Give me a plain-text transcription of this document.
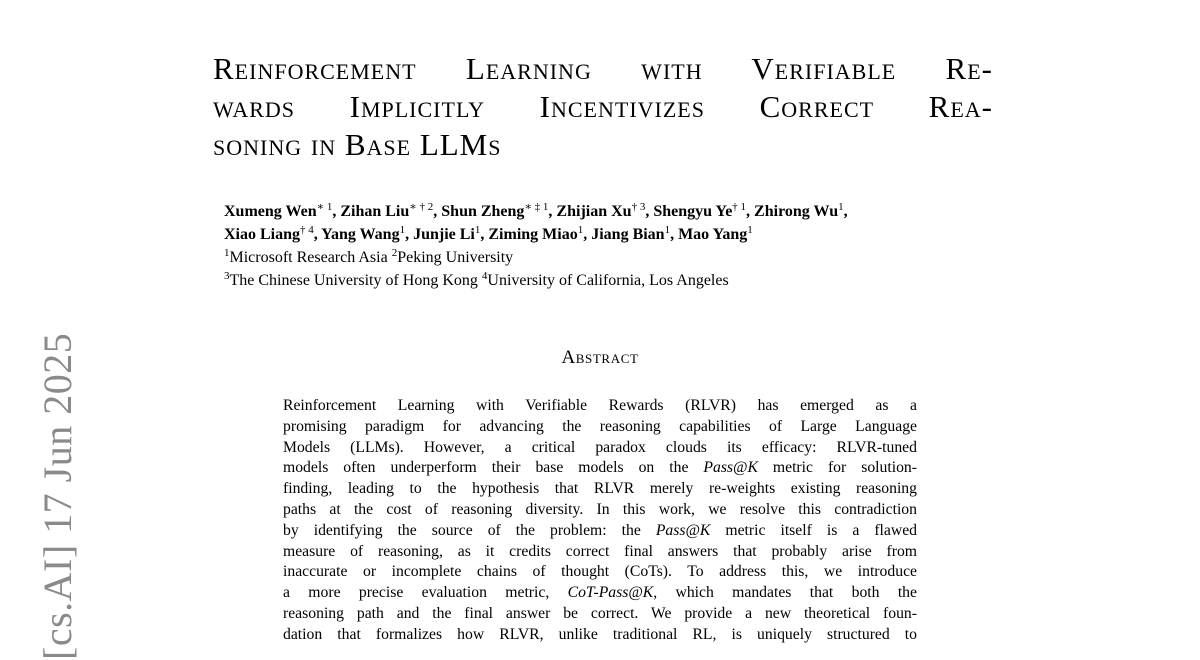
[cs.AI] 17 Jun 2025
Reinforcement Learning with Verifiable Re-
wards Implicitly Incentivizes Correct Rea-
soning in Base LLMs
Xumeng Wen$^{∗ 1}$, Zihan Liu$^{∗ \dagger 2}$, Shun Zheng$^{∗ \ddagger 1}$, Zhijian Xu$^{\dagger 3}$, Shengyu Ye$^{\dagger 1}$, Zhirong Wu$^1$,
Xiao Liang$^{\dagger 4}$, Yang Wang$^1$, Junjie Li$^1$, Ziming Miao$^1$, Jiang Bian$^1$, Mao Yang$^1$
$^1$Microsoft Research Asia $^2$Peking University
$^3$The Chinese University of Hong Kong $^4$University of California, Los Angeles
Abstract
Reinforcement Learning with Verifiable Rewards (RLVR) has emerged as a
promising paradigm for advancing the reasoning capabilities of Large Language
Models (LLMs). However, a critical paradox clouds its efficacy: RLVR-tuned
models often underperform their base models on the Pass@K metric for solution-
finding, leading to the hypothesis that RLVR merely re-weights existing reasoning
paths at the cost of reasoning diversity. In this work, we resolve this contradiction
by identifying the source of the problem: the Pass@K metric itself is a flawed
measure of reasoning, as it credits correct final answers that probably arise from
inaccurate or incomplete chains of thought (CoTs). To address this, we introduce
a more precise evaluation metric, CoT-Pass@K, which mandates that both the
reasoning path and the final answer be correct. We provide a new theoretical foun-
dation that formalizes how RLVR, unlike traditional RL, is uniquely structured to
